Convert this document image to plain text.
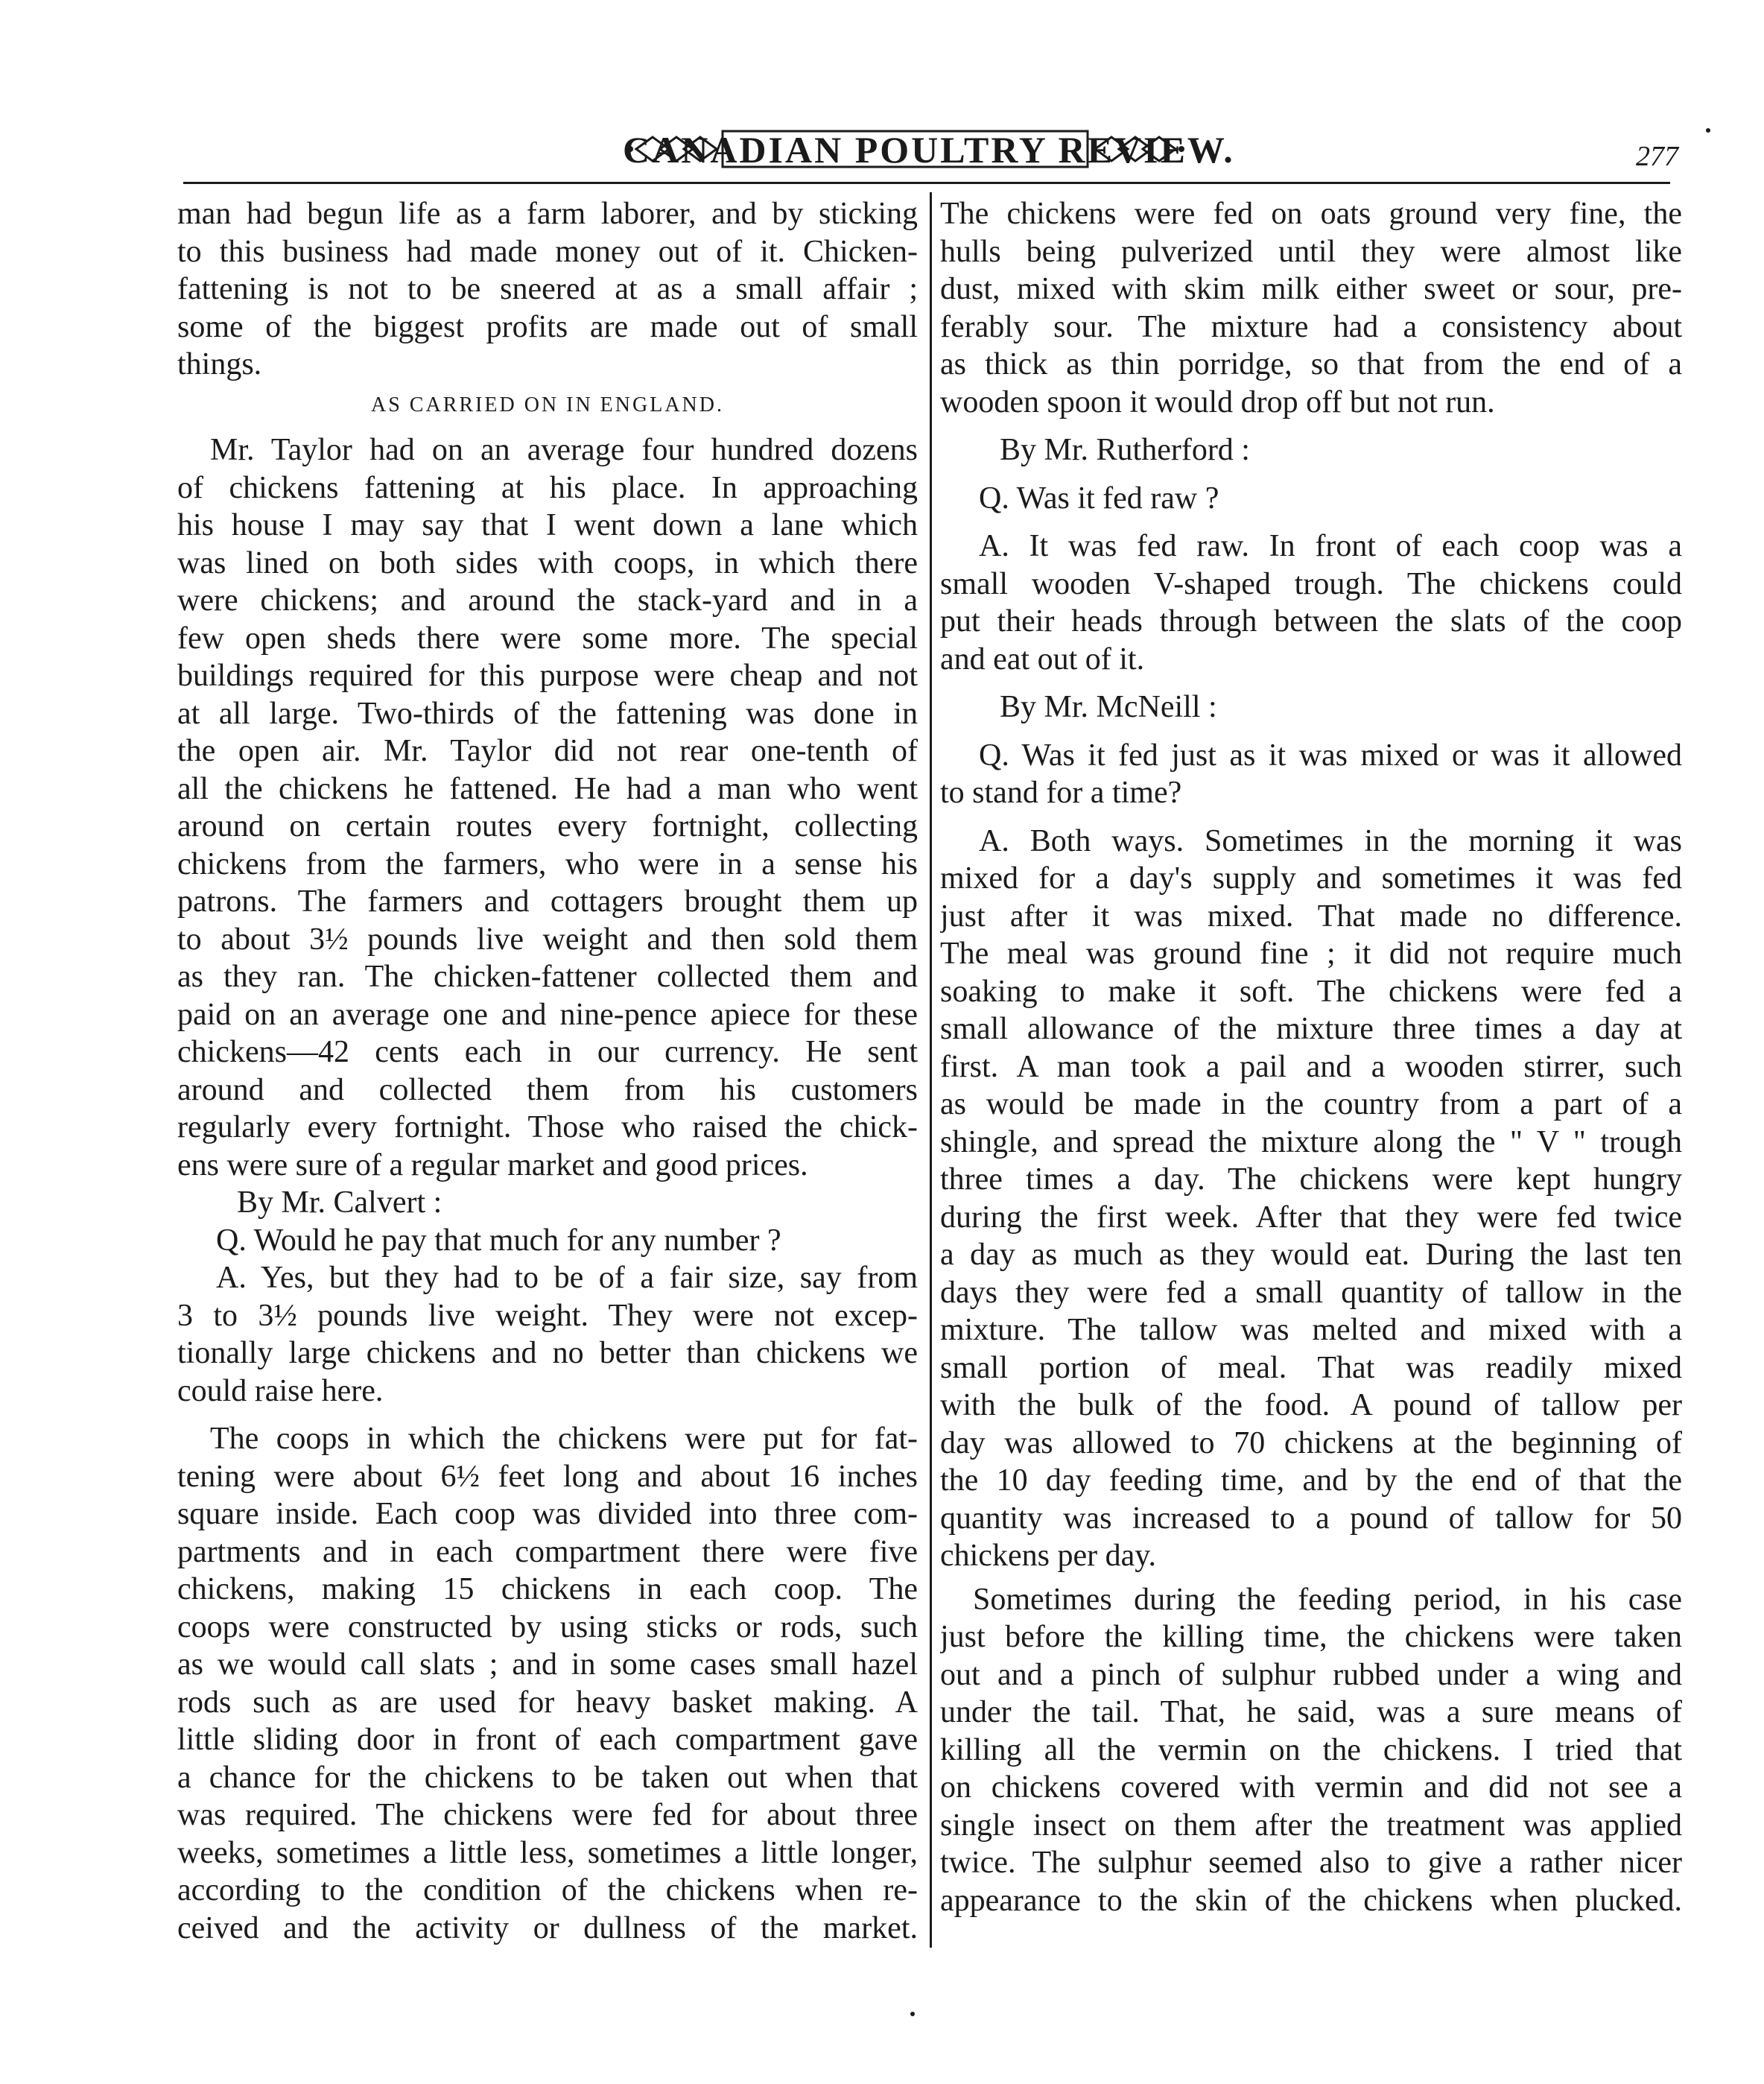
CANADIAN POULTRY REVIEW.	277
man had begun life as a farm laborer, and by sticking
to this business had made money out of it. Chicken-
fattening is not to be sneered at as a small affair ;
some of the biggest profits are made out of small
things.
AS CARRIED ON IN ENGLAND.
Mr. Taylor had on an average four hundred dozens
of chickens fattening at his place. In approaching
his house I may say that I went down a lane which
was lined on both sides with coops, in which there
were chickens; and around the stack-yard and in a
few open sheds there were some more. The special
buildings required for this purpose were cheap and not
at all large. Two-thirds of the fattening was done in
the open air. Mr. Taylor did not rear one-tenth of
all the chickens he fattened. He had a man who went
around on certain routes every fortnight, collecting
chickens from the farmers, who were in a sense his
patrons. The farmers and cottagers brought them up
to about 3½ pounds live weight and then sold them
as they ran. The chicken-fattener collected them and
paid on an average one and nine-pence apiece for these
chickens—42 cents each in our currency. He sent
around and collected them from his customers
regularly every fortnight. Those who raised the chick-
ens were sure of a regular market and good prices.
By Mr. Calvert :
Q. Would he pay that much for any number ?
A. Yes, but they had to be of a fair size, say from
3 to 3½ pounds live weight. They were not excep-
tionally large chickens and no better than chickens we
could raise here.
The coops in which the chickens were put for fat-
tening were about 6½ feet long and about 16 inches
square inside. Each coop was divided into three com-
partments and in each compartment there were five
chickens, making 15 chickens in each coop. The
coops were constructed by using sticks or rods, such
as we would call slats ; and in some cases small hazel
rods such as are used for heavy basket making. A
little sliding door in front of each compartment gave
a chance for the chickens to be taken out when that
was required. The chickens were fed for about three
weeks, sometimes a little less, sometimes a little longer,
according to the condition of the chickens when re-
ceived and the activity or dullness of the market.
The chickens were fed on oats ground very fine, the
hulls being pulverized until they were almost like
dust, mixed with skim milk either sweet or sour, pre-
ferably sour. The mixture had a consistency about
as thick as thin porridge, so that from the end of a
wooden spoon it would drop off but not run.
By Mr. Rutherford :
Q. Was it fed raw ?
A. It was fed raw. In front of each coop was a
small wooden V-shaped trough. The chickens could
put their heads through between the slats of the coop
and eat out of it.
By Mr. McNeill :
Q. Was it fed just as it was mixed or was it allowed
to stand for a time?
A. Both ways. Sometimes in the morning it was
mixed for a day's supply and sometimes it was fed
just after it was mixed. That made no difference.
The meal was ground fine ; it did not require much
soaking to make it soft. The chickens were fed a
small allowance of the mixture three times a day at
first. A man took a pail and a wooden stirrer, such
as would be made in the country from a part of a
shingle, and spread the mixture along the " V " trough
three times a day. The chickens were kept hungry
during the first week. After that they were fed twice
a day as much as they would eat. During the last ten
days they were fed a small quantity of tallow in the
mixture. The tallow was melted and mixed with a
small portion of meal. That was readily mixed
with the bulk of the food. A pound of tallow per
day was allowed to 70 chickens at the beginning of
the 10 day feeding time, and by the end of that the
quantity was increased to a pound of tallow for 50
chickens per day.
Sometimes during the feeding period, in his case
just before the killing time, the chickens were taken
out and a pinch of sulphur rubbed under a wing and
under the tail. That, he said, was a sure means of
killing all the vermin on the chickens. I tried that
on chickens covered with vermin and did not see a
single insect on them after the treatment was applied
twice. The sulphur seemed also to give a rather nicer
appearance to the skin of the chickens when plucked.
